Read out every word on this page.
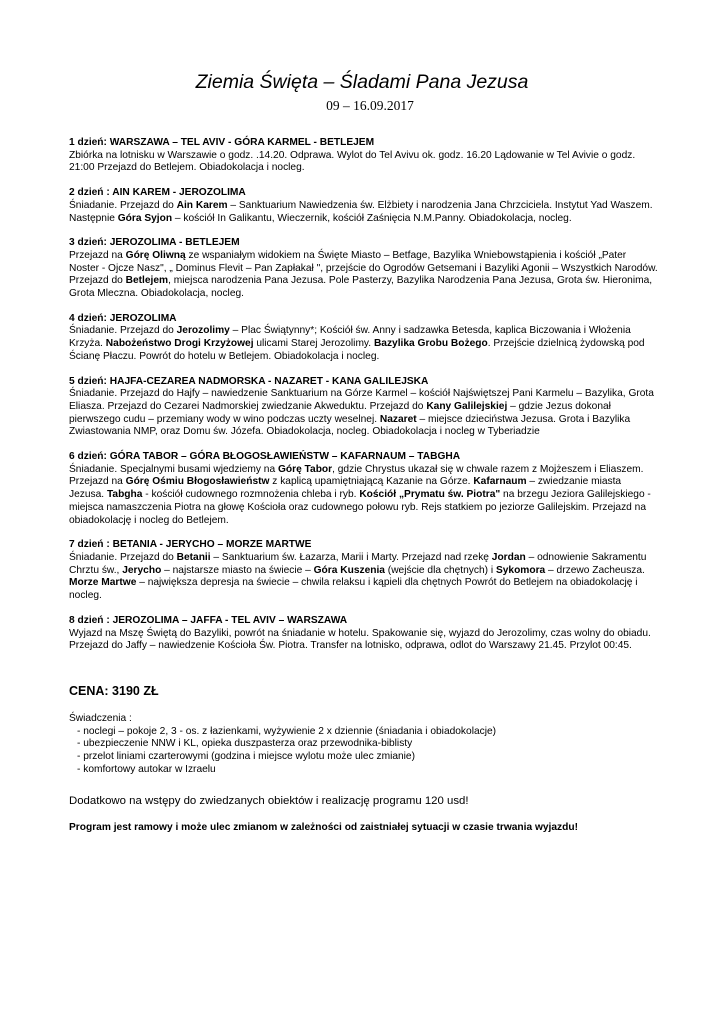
Ziemia Święta – Śladami Pana Jezusa
09 – 16.09.2017

1 dzień: WARSZAWA – TEL AVIV - GÓRA KARMEL - BETLEJEM

Zbiórka na lotnisku w Warszawie o godz. .14.20. Odprawa. Wylot do Tel Avivu ok. godz. 16.20 Lądowanie w Tel Avivie o godz. 21:00 Przejazd do Betlejem. Obiadokolacja i nocleg.

2 dzień : AIN KAREM - JEROZOLIMA

Śniadanie. Przejazd do Ain Karem – Sanktuarium Nawiedzenia św. Elżbiety i narodzenia Jana Chrzciciela. Instytut Yad Waszem. Następnie Góra Syjon – kościół In Galikantu, Wieczernik, kościół Zaśnięcia N.M.Panny. Obiadokolacja, nocleg.

3 dzień: JEROZOLIMA - BETLEJEM

Przejazd na Górę Oliwną ze wspaniałym widokiem na Święte Miasto – Betfage, Bazylika Wniebowstąpienia i kościół „Pater Noster - Ojcze Nasz", „ Dominus Flevit – Pan Zapłakał ", przejście do Ogrodów Getsemani i Bazyliki Agonii – Wszystkich Narodów. Przejazd do Betlejem, miejsca narodzenia Pana Jezusa. Pole Pasterzy, Bazylika Narodzenia Pana Jezusa, Grota św. Hieronima, Grota Mleczna. Obiadokolacja, nocleg.

4 dzień: JEROZOLIMA

Śniadanie. Przejazd do Jerozolimy – Plac Świątynny*; Kościół św. Anny i sadzawka Betesda, kaplica Biczowania i Włożenia Krzyża. Nabożeństwo Drogi Krzyżowej ulicami Starej Jerozolimy. Bazylika Grobu Bożego. Przejście dzielnicą żydowską pod Ścianę Płaczu. Powrót do hotelu w Betlejem. Obiadokolacja i nocleg.

5 dzień: HAJFA-CEZAREA NADMORSKA - NAZARET - KANA GALILEJSKA

Śniadanie. Przejazd do Hajfy – nawiedzenie Sanktuarium na Górze Karmel – kościół Najświętszej Pani Karmelu – Bazylika, Grota Eliasza. Przejazd do Cezarei Nadmorskiej zwiedzanie Akweduktu. Przejazd do Kany Galilejskiej – gdzie Jezus dokonał pierwszego cudu – przemiany wody w wino podczas uczty weselnej. Nazaret – miejsce dzieciństwa Jezusa. Grota i Bazylika Zwiastowania NMP, oraz Domu św. Józefa. Obiadokolacja, nocleg. Obiadokolacja i nocleg w Tyberiadzie

6 dzień: GÓRA TABOR – GÓRA BŁOGOSŁAWIEŃSTW – KAFARNAUM – TABGHA

Śniadanie. Specjalnymi busami wjedziemy na Górę Tabor, gdzie Chrystus ukazał się w chwale razem z Mojżeszem i Eliaszem. Przejazd na Górę Ośmiu Błogosławieństw z kaplicą upamiętniającą Kazanie na Górze. Kafarnaum – zwiedzanie miasta Jezusa. Tabgha - kościół cudownego rozmnożenia chleba i ryb. Kościół „Prymatu św. Piotra" na brzegu Jeziora Galilejskiego - miejsca namaszczenia Piotra na głowę Kościoła oraz cudownego połowu ryb. Rejs statkiem po jeziorze Galilejskim. Przejazd na obiadokolację i nocleg do Betlejem.

7 dzień : BETANIA - JERYCHO – MORZE MARTWE

Śniadanie. Przejazd do Betanii – Sanktuarium św. Łazarza, Marii i Marty. Przejazd nad rzekę Jordan – odnowienie Sakramentu Chrztu św., Jerycho – najstarsze miasto na świecie – Góra Kuszenia (wejście dla chętnych) i Sykomora – drzewo Zacheusza. Morze Martwe – największa depresja na świecie – chwila relaksu i kąpieli dla chętnych Powrót do Betlejem na obiadokolację i nocleg.

8 dzień : JEROZOLIMA – JAFFA - TEL AVIV – WARSZAWA

Wyjazd na Mszę Świętą do Bazyliki, powrót na śniadanie w hotelu. Spakowanie się, wyjazd do Jerozolimy, czas wolny do obiadu. Przejazd do Jaffy – nawiedzenie Kościoła Św. Piotra. Transfer na lotnisko, odprawa, odlot do Warszawy 21.45. Przylot 00:45.

CENA: 3190 ZŁ

Świadczenia :

- noclegi – pokoje 2, 3 - os. z łazienkami, wyżywienie 2 x dziennie (śniadania i obiadokolacje)
- ubezpieczenie NNW i KL, opieka duszpasterza oraz przewodnika-biblisty
- przelot liniami czarterowymi (godzina i miejsce wylotu może ulec zmianie)
- komfortowy autokar w Izraelu
Dodatkowo na wstępy do zwiedzanych obiektów i realizację programu 120 usd!
Program jest ramowy i może ulec zmianom w zależności od zaistniałej sytuacji w czasie trwania wyjazdu!
